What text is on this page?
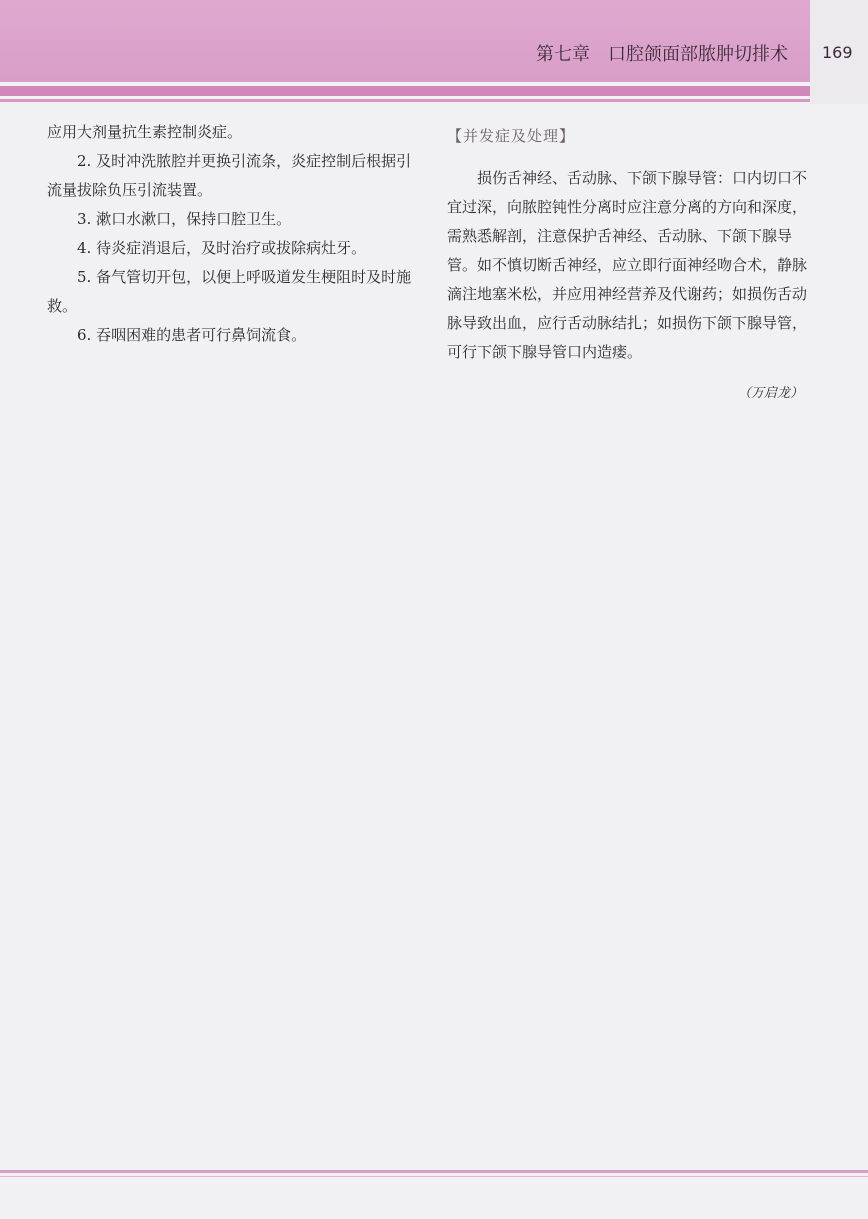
第七章　口腔颌面部脓肿切排术 169

应用大剂量抗生素控制炎症。

2. 及时冲洗脓腔并更换引流条，炎症控制后根据引流量拔除负压引流装置。

3. 漱口水漱口，保持口腔卫生。

4. 待炎症消退后，及时治疗或拔除病灶牙。

5. 备气管切开包，以便上呼吸道发生梗阻时及时施救。

6. 吞咽困难的患者可行鼻饲流食。

【并发症及处理】

损伤舌神经、舌动脉、下颌下腺导管：口内切口不宜过深，向脓腔钝性分离时应注意分离的方向和深度，需熟悉解剖，注意保护舌神经、舌动脉、下颌下腺导管。如不慎切断舌神经，应立即行面神经吻合术，静脉滴注地塞米松，并应用神经营养及代谢药；如损伤舌动脉导致出血，应行舌动脉结扎；如损伤下颌下腺导管，可行下颌下腺导管口内造瘘。

（万启龙）
